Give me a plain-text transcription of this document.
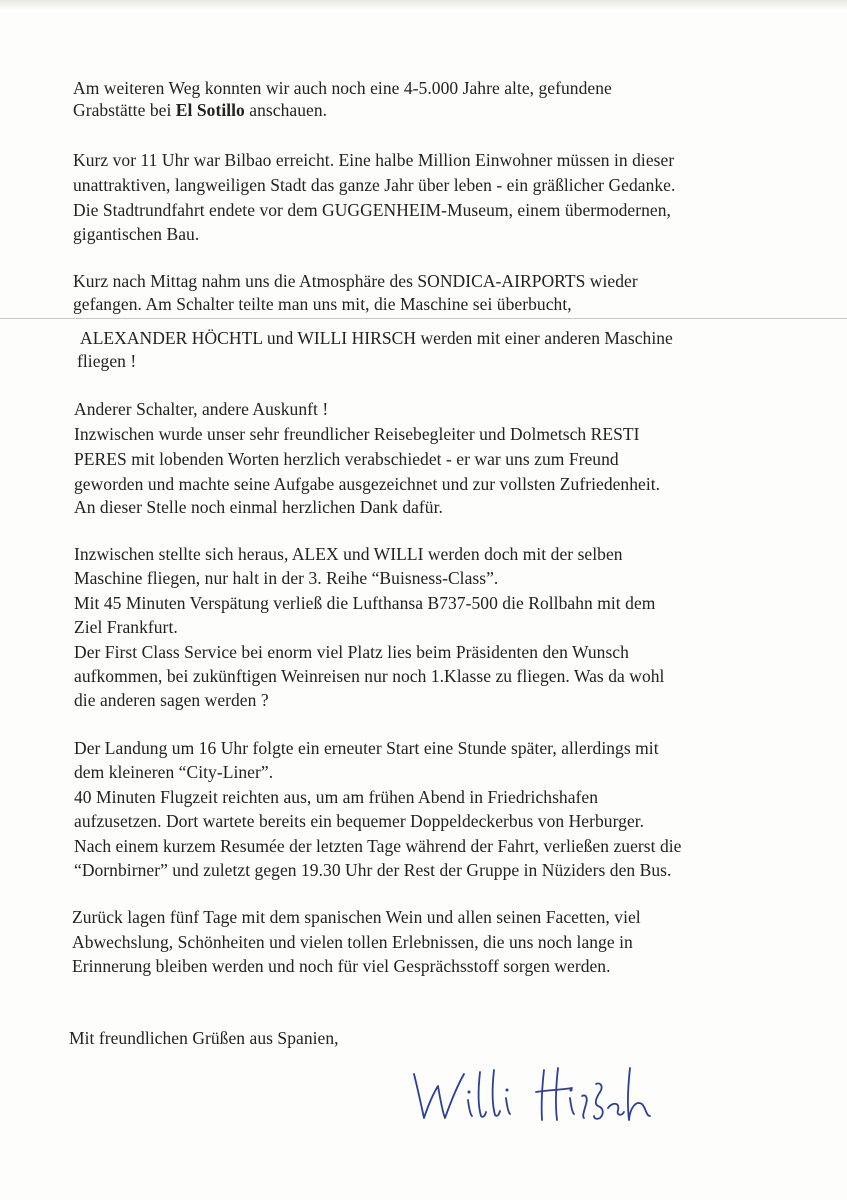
Am weiteren Weg konnten wir auch noch eine 4-5.000 Jahre alte, gefundene
Grabstätte bei El Sotillo anschauen.
Kurz vor 11 Uhr war Bilbao erreicht. Eine halbe Million Einwohner müssen in dieser
unattraktiven, langweiligen Stadt das ganze Jahr über leben - ein gräßlicher Gedanke.
Die Stadtrundfahrt endete vor dem GUGGENHEIM-Museum, einem übermodernen,
gigantischen Bau.
Kurz nach Mittag nahm uns die Atmosphäre des SONDICA-AIRPORTS wieder
gefangen. Am Schalter teilte man uns mit, die Maschine sei überbucht,
ALEXANDER HÖCHTL und WILLI HIRSCH werden mit einer anderen Maschine
fliegen !
Anderer Schalter, andere Auskunft !
Inzwischen wurde unser sehr freundlicher Reisebegleiter und Dolmetsch RESTI
PERES mit lobenden Worten herzlich verabschiedet - er war uns zum Freund
geworden und machte seine Aufgabe ausgezeichnet und zur vollsten Zufriedenheit.
An dieser Stelle noch einmal herzlichen Dank dafür.
Inzwischen stellte sich heraus, ALEX und WILLI werden doch mit der selben
Maschine fliegen, nur halt in der 3. Reihe “Buisness-Class”.
Mit 45 Minuten Verspätung verließ die Lufthansa B737-500 die Rollbahn mit dem
Ziel Frankfurt.
Der First Class Service bei enorm viel Platz lies beim Präsidenten den Wunsch
aufkommen, bei zukünftigen Weinreisen nur noch 1.Klasse zu fliegen. Was da wohl
die anderen sagen werden ?
Der Landung um 16 Uhr folgte ein erneuter Start eine Stunde später, allerdings mit
dem kleineren “City-Liner”.
40 Minuten Flugzeit reichten aus, um am frühen Abend in Friedrichshafen
aufzusetzen. Dort wartete bereits ein bequemer Doppeldeckerbus von Herburger.
Nach einem kurzem Resumée der letzten Tage während der Fahrt, verließen zuerst die
“Dornbirner” und zuletzt gegen 19.30 Uhr der Rest der Gruppe in Nüziders den Bus.
Zurück lagen fünf Tage mit dem spanischen Wein und allen seinen Facetten, viel
Abwechslung, Schönheiten und vielen tollen Erlebnissen, die uns noch lange in
Erinnerung bleiben werden und noch für viel Gesprächsstoff sorgen werden.
Mit freundlichen Grüßen aus Spanien,
